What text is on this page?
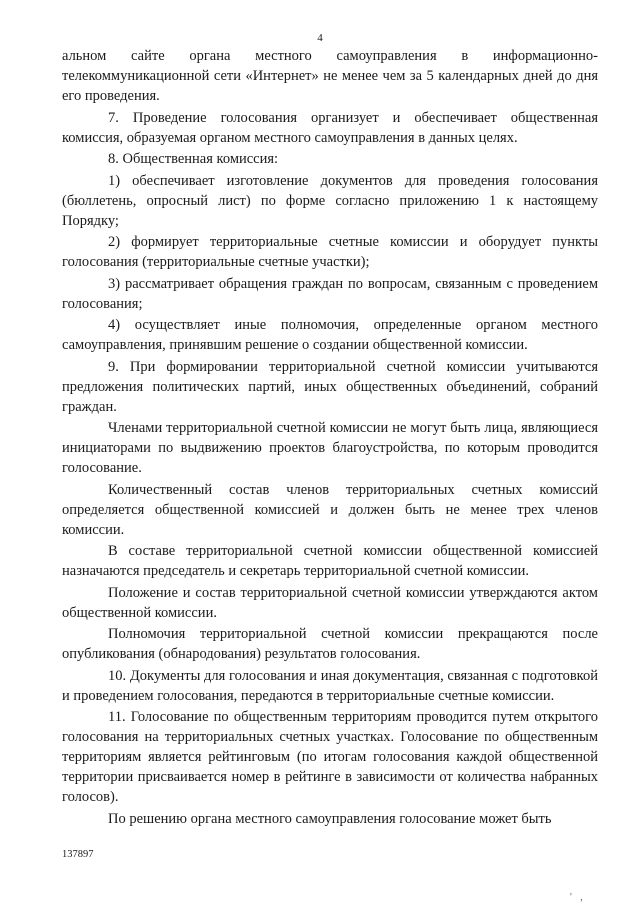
4

альном сайте органа местного самоуправления в информационно-телекоммуникационной сети «Интернет» не менее чем за 5 календарных дней до дня его проведения.

7. Проведение голосования организует и обеспечивает общественная комиссия, образуемая органом местного самоуправления в данных целях.

8. Общественная комиссия:

1) обеспечивает изготовление документов для проведения голосования (бюллетень, опросный лист) по форме согласно приложению 1 к настоящему Порядку;

2) формирует территориальные счетные комиссии и оборудует пункты голосования (территориальные счетные участки);

3) рассматривает обращения граждан по вопросам, связанным с проведением голосования;

4) осуществляет иные полномочия, определенные органом местного самоуправления, принявшим решение о создании общественной комиссии.

9. При формировании территориальной счетной комиссии учитываются предложения политических партий, иных общественных объединений, собраний граждан.

Членами территориальной счетной комиссии не могут быть лица, являющиеся инициаторами по выдвижению проектов благоустройства, по которым проводится голосование.

Количественный состав членов территориальных счетных комиссий определяется общественной комиссией и должен быть не менее трех членов комиссии.

В составе территориальной счетной комиссии общественной комиссией назначаются председатель и секретарь территориальной счетной комиссии.

Положение и состав территориальной счетной комиссии утверждаются актом общественной комиссии.

Полномочия территориальной счетной комиссии прекращаются после опубликования (обнародования) результатов голосования.

10. Документы для голосования и иная документация, связанная с подготовкой и проведением голосования, передаются в территориальные счетные комиссии.

11. Голосование по общественным территориям проводится путем открытого голосования на территориальных счетных участках. Голосование по общественным территориям является рейтинговым (по итогам голосования каждой общественной территории присваивается номер в рейтинге в зависимости от количества набранных голосов).

По решению органа местного самоуправления голосование может быть

137897
' ,
